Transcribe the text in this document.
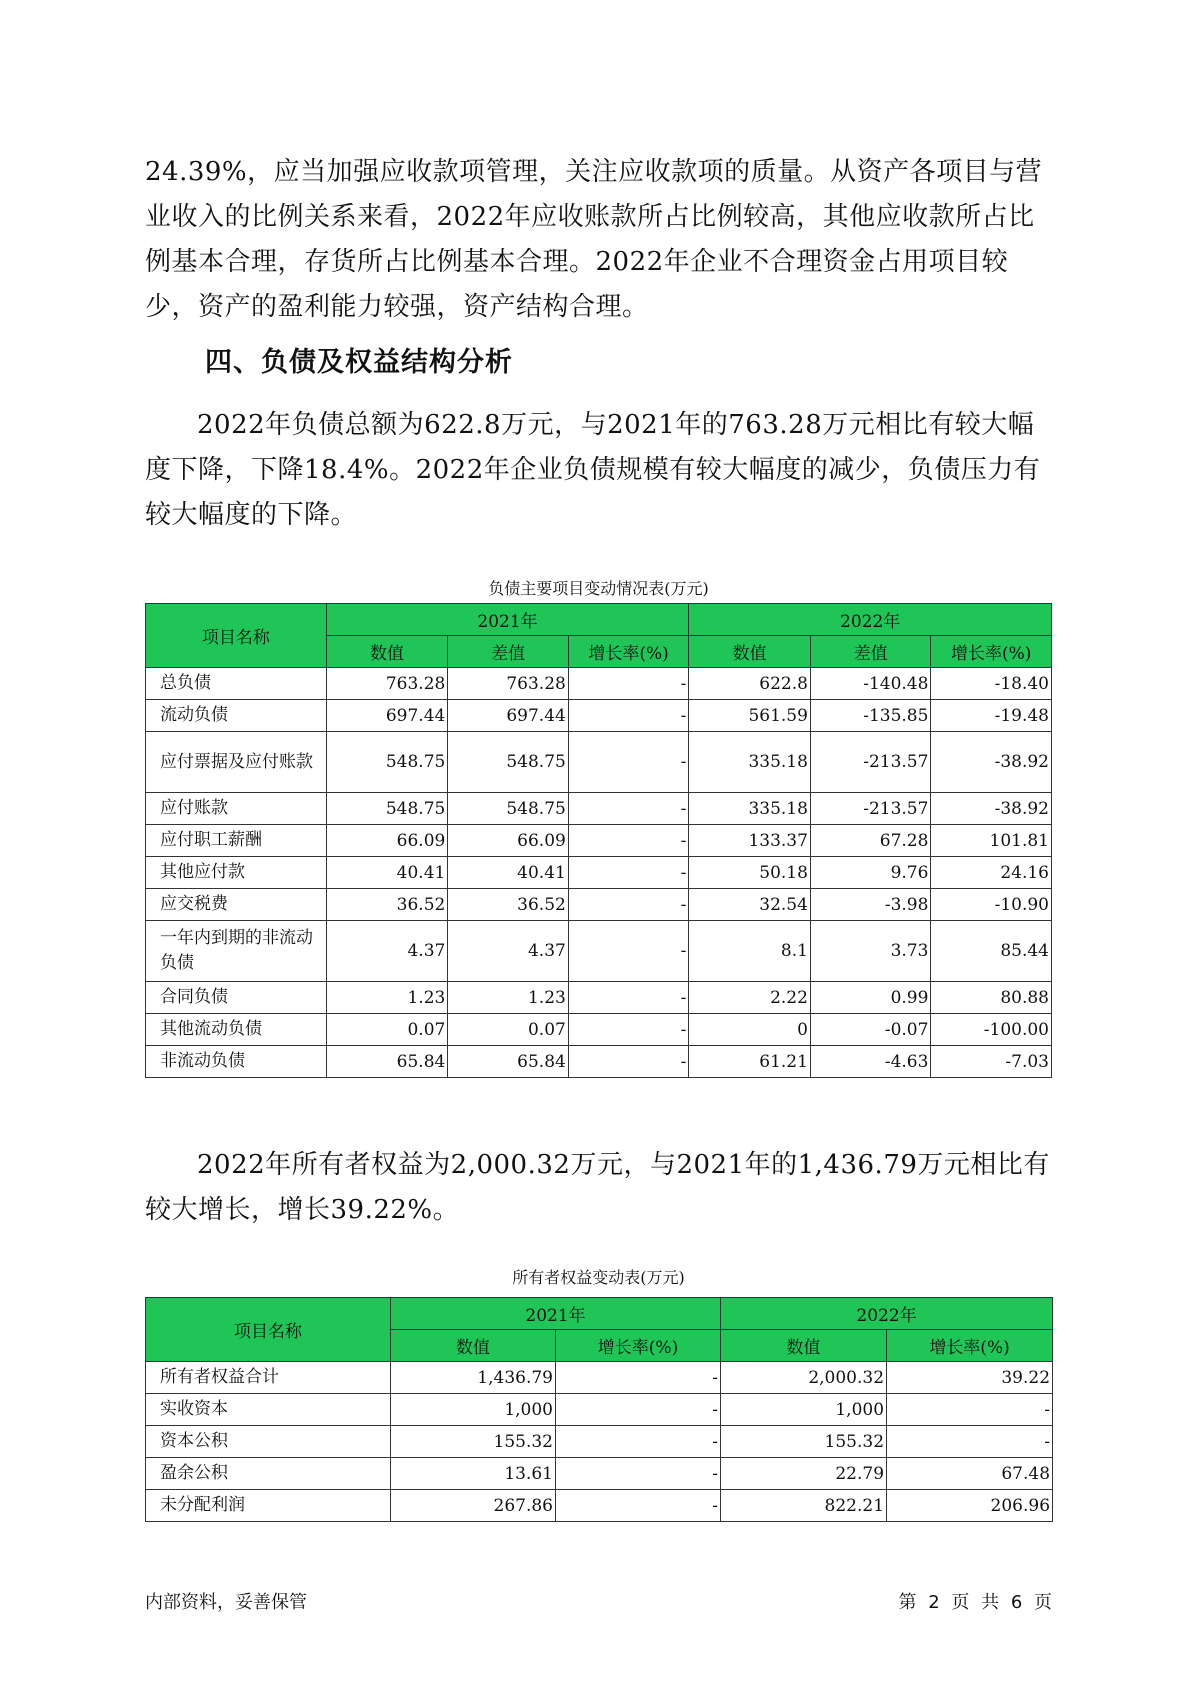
24.39%，应当加强应收款项管理，关注应收款项的质量。从资产各项目与营业收入的比例关系来看，2022年应收账款所占比例较高，其他应收款所占比例基本合理，存货所占比例基本合理。2022年企业不合理资金占用项目较少，资产的盈利能力较强，资产结构合理。
四、负债及权益结构分析
2022年负债总额为622.8万元，与2021年的763.28万元相比有较大幅度下降，下降18.4%。2022年企业负债规模有较大幅度的减少，负债压力有较大幅度的下降。
负债主要项目变动情况表(万元)
项目名称	2021年			2022年		
	数值	差值	增长率(%)	数值	差值	增长率(%)
总负债	763.28	763.28	-	622.8	-140.48	-18.40
流动负债	697.44	697.44	-	561.59	-135.85	-19.48
应付票据及应付账款	548.75	548.75	-	335.18	-213.57	-38.92
应付账款	548.75	548.75	-	335.18	-213.57	-38.92
应付职工薪酬	66.09	66.09	-	133.37	67.28	101.81
其他应付款	40.41	40.41	-	50.18	9.76	24.16
应交税费	36.52	36.52	-	32.54	-3.98	-10.90
一年内到期的非流动负债	4.37	4.37	-	8.1	3.73	85.44
合同负债	1.23	1.23	-	2.22	0.99	80.88
其他流动负债	0.07	0.07	-	0	-0.07	-100.00
非流动负债	65.84	65.84	-	61.21	-4.63	-7.03
2022年所有者权益为2,000.32万元，与2021年的1,436.79万元相比有较大增长，增长39.22%。
所有者权益变动表(万元)
项目名称	2021年		2022年	
	数值	增长率(%)	数值	增长率(%)
所有者权益合计	1,436.79	-	2,000.32	39.22
实收资本	1,000	-	1,000	-
资本公积	155.32	-	155.32	-
盈余公积	13.61	-	22.79	67.48
未分配利润	267.86	-	822.21	206.96
内部资料，妥善保管	第 2 页 共 6 页
